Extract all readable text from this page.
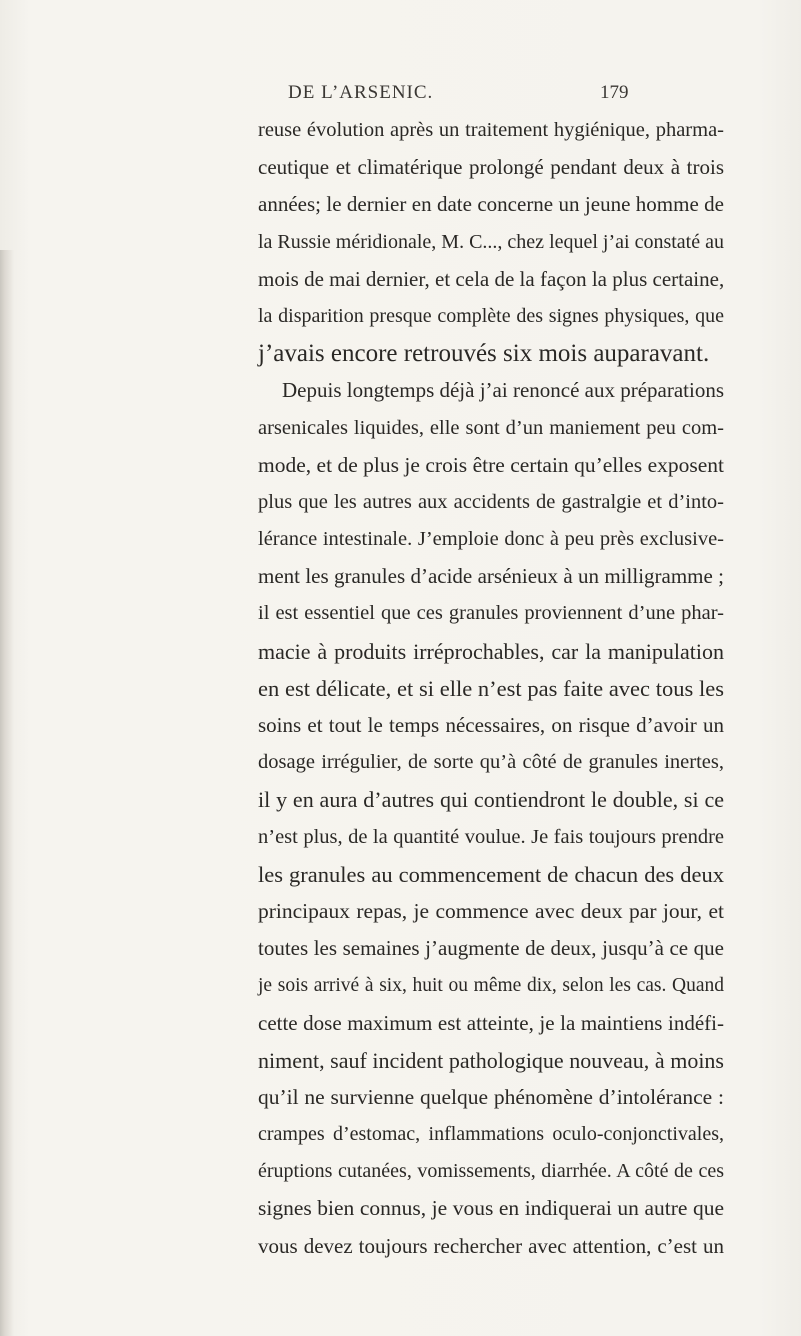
DE L’ARSENIC.	179
reuse évolution après un traitement hygiénique, pharma-
ceutique et climatérique prolongé pendant deux à trois
années; le dernier en date concerne un jeune homme de
la Russie méridionale, M. C..., chez lequel j’ai constaté au
mois de mai dernier, et cela de la façon la plus certaine,
la disparition presque complète des signes physiques, que
j’avais encore retrouvés six mois auparavant.
Depuis longtemps déjà j’ai renoncé aux préparations
arsenicales liquides, elle sont d’un maniement peu com-
mode, et de plus je crois être certain qu’elles exposent
plus que les autres aux accidents de gastralgie et d’into-
lérance intestinale. J’emploie donc à peu près exclusive-
ment les granules d’acide arsénieux à un milligramme ;
il est essentiel que ces granules proviennent d’une phar-
macie à produits irréprochables, car la manipulation
en est délicate, et si elle n’est pas faite avec tous les
soins et tout le temps nécessaires, on risque d’avoir un
dosage irrégulier, de sorte qu’à côté de granules inertes,
il y en aura d’autres qui contiendront le double, si ce
n’est plus, de la quantité voulue. Je fais toujours prendre
les granules au commencement de chacun des deux
principaux repas, je commence avec deux par jour, et
toutes les semaines j’augmente de deux, jusqu’à ce que
je sois arrivé à six, huit ou même dix, selon les cas. Quand
cette dose maximum est atteinte, je la maintiens indéfi-
niment, sauf incident pathologique nouveau, à moins
qu’il ne survienne quelque phénomène d’intolérance :
crampes d’estomac, inflammations oculo-conjonctivales,
éruptions cutanées, vomissements, diarrhée. A côté de ces
signes bien connus, je vous en indiquerai un autre que
vous devez toujours rechercher avec attention, c’est un
